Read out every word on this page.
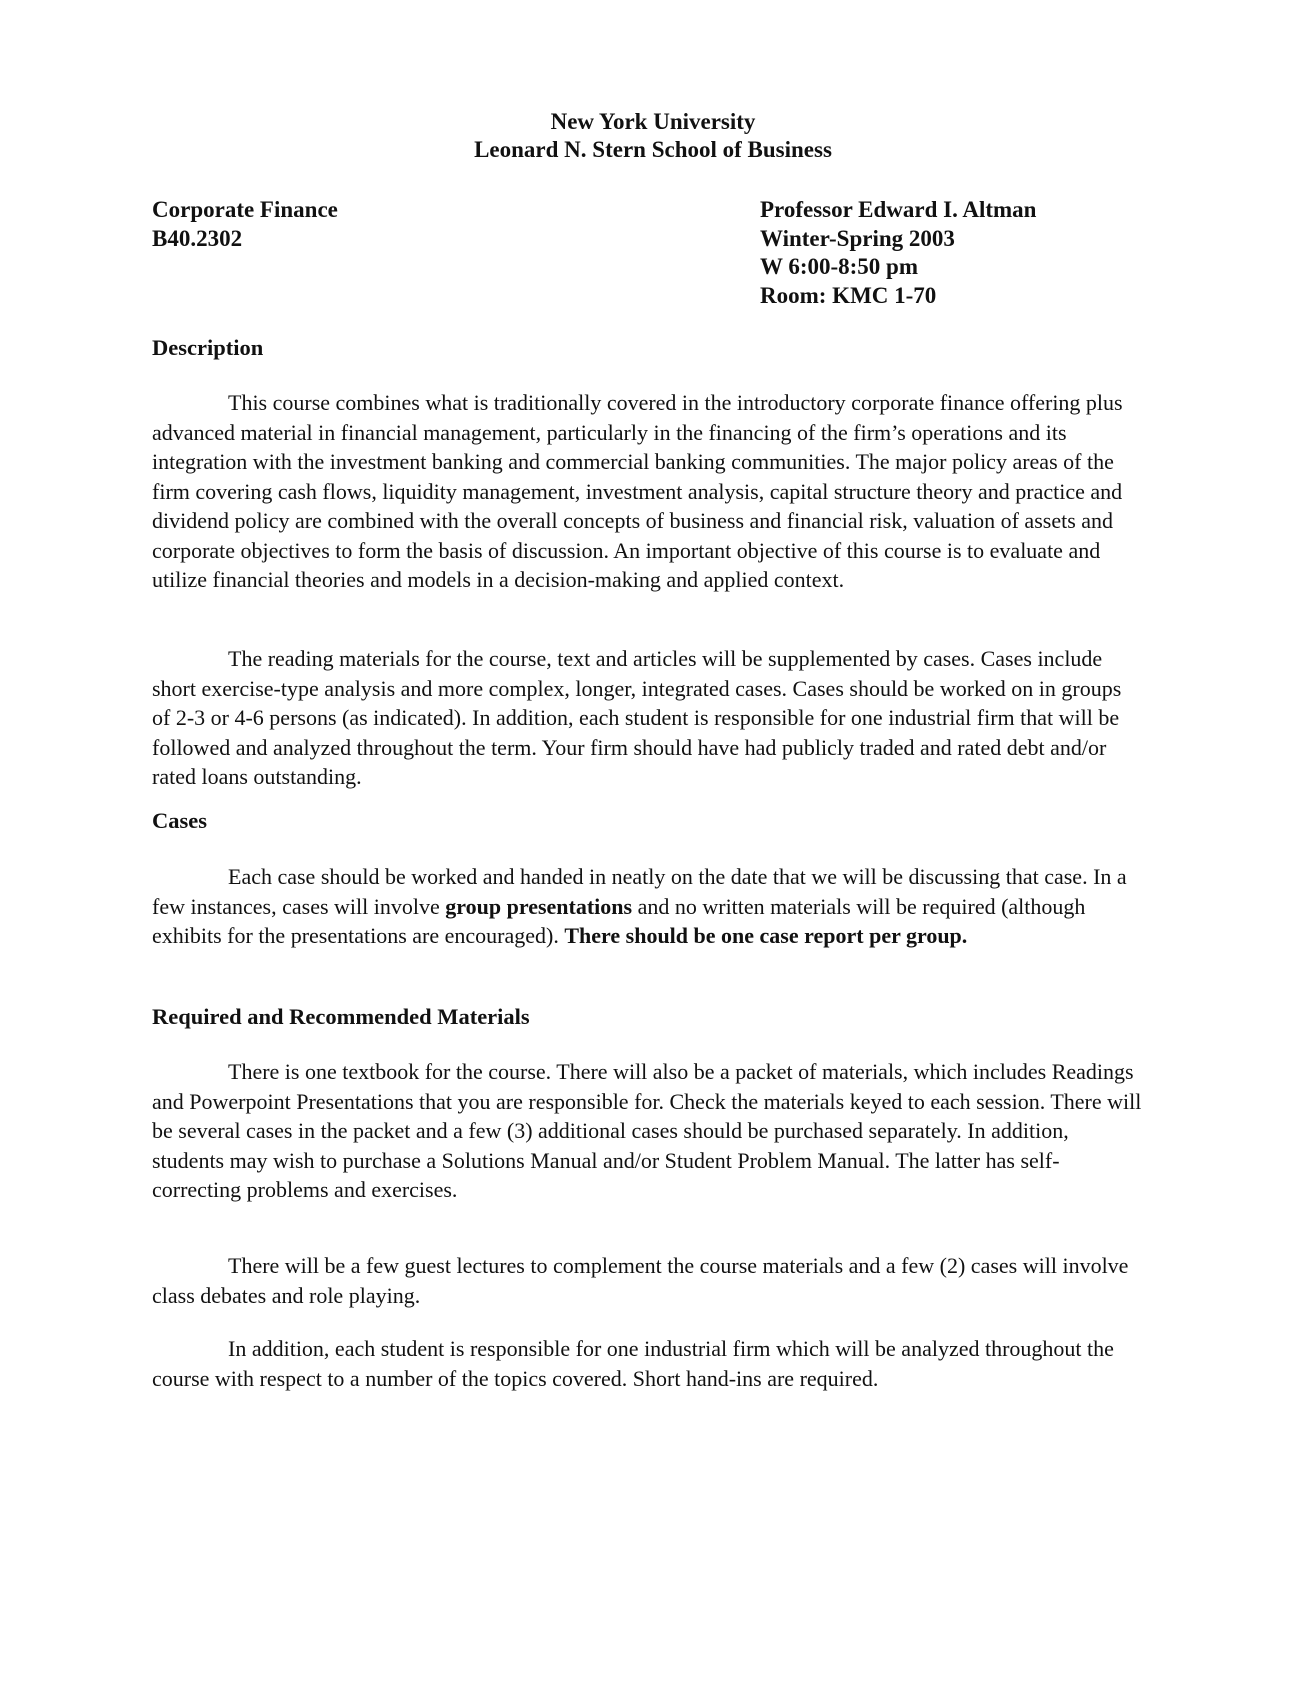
New York University
Leonard N. Stern School of Business
Corporate Finance
B40.2302
Professor Edward I. Altman
Winter-Spring 2003
W 6:00-8:50 pm
Room: KMC 1-70
Description

This course combines what is traditionally covered in the introductory corporate finance offering plus advanced material in financial management, particularly in the financing of the firm’s operations and its integration with the investment banking and commercial banking communities. The major policy areas of the firm covering cash flows, liquidity management, investment analysis, capital structure theory and practice and dividend policy are combined with the overall concepts of business and financial risk, valuation of assets and corporate objectives to form the basis of discussion. An important objective of this course is to evaluate and utilize financial theories and models in a decision-making and applied context.

The reading materials for the course, text and articles will be supplemented by cases. Cases include short exercise-type analysis and more complex, longer, integrated cases. Cases should be worked on in groups of 2-3 or 4-6 persons (as indicated). In addition, each student is responsible for one industrial firm that will be followed and analyzed throughout the term. Your firm should have had publicly traded and rated debt and/or rated loans outstanding.

Cases

Each case should be worked and handed in neatly on the date that we will be discussing that case. In a few instances, cases will involve group presentations and no written materials will be required (although exhibits for the presentations are encouraged). There should be one case report per group.

Required and Recommended Materials

There is one textbook for the course. There will also be a packet of materials, which includes Readings and Powerpoint Presentations that you are responsible for. Check the materials keyed to each session. There will be several cases in the packet and a few (3) additional cases should be purchased separately. In addition, students may wish to purchase a Solutions Manual and/or Student Problem Manual. The latter has self-correcting problems and exercises.

There will be a few guest lectures to complement the course materials and a few (2) cases will involve class debates and role playing.

In addition, each student is responsible for one industrial firm which will be analyzed throughout the course with respect to a number of the topics covered. Short hand-ins are required.
